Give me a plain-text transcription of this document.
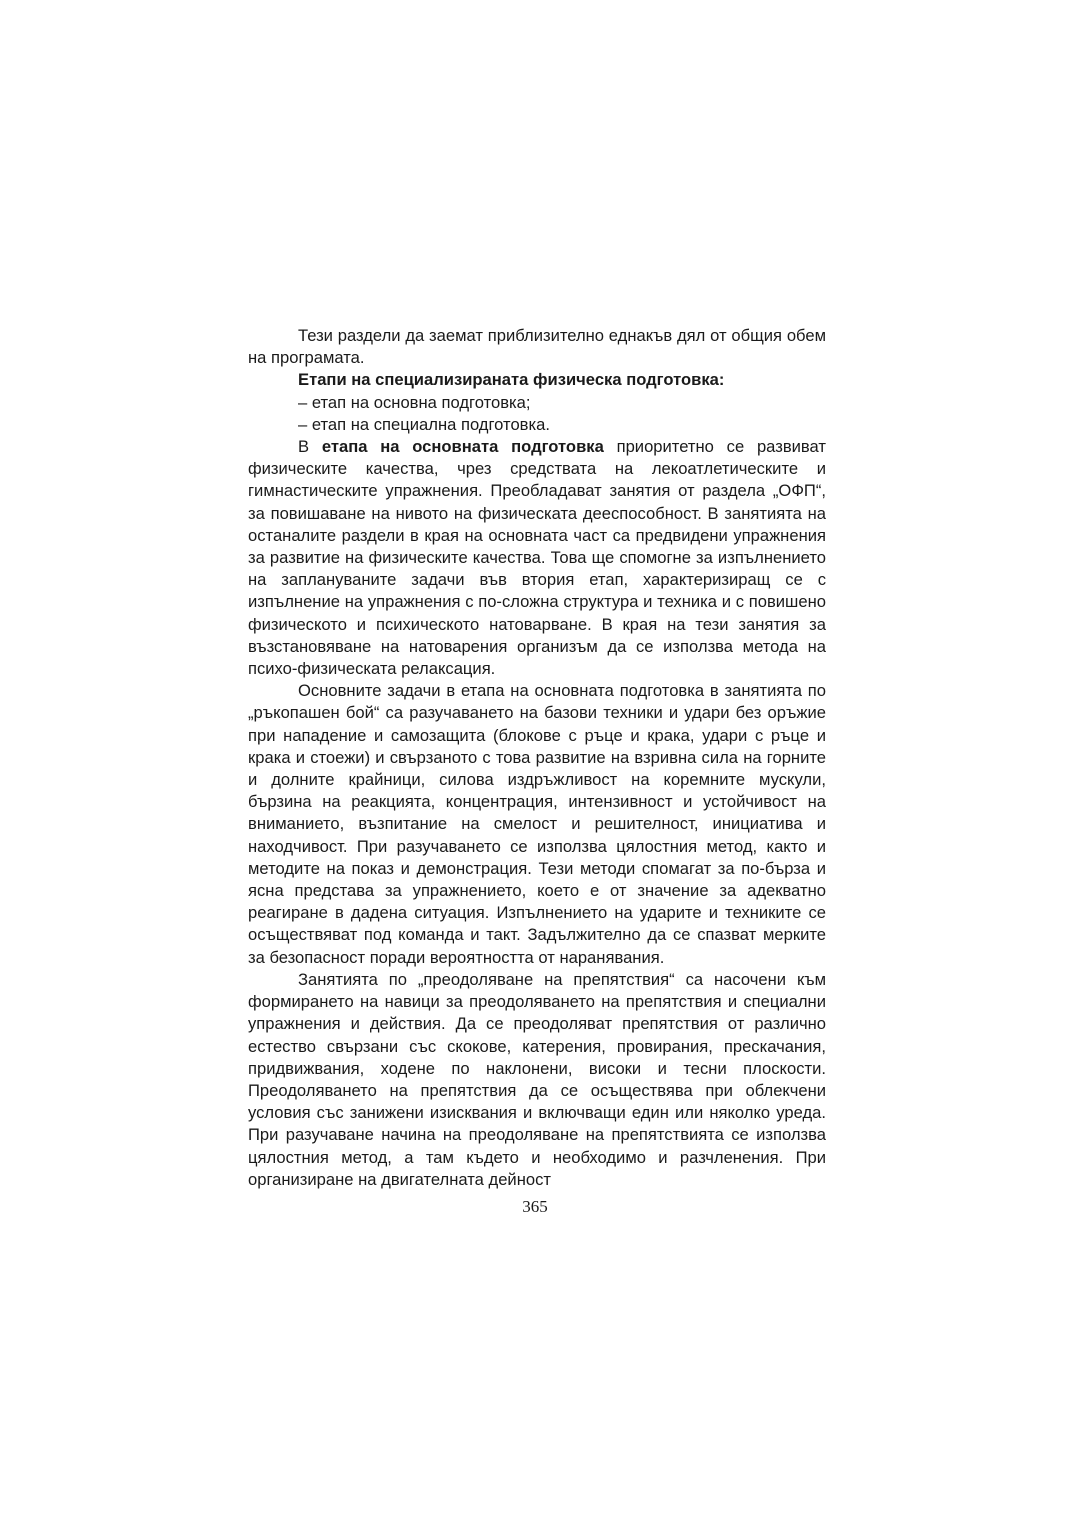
Тези раздели да заемат приблизително еднакъв дял от общия обем на програмата.

Етапи на специализираната физическа подготовка:

– етап на основна подготовка;

– етап на специална подготовка.

В етапа на основната подготовка приоритетно се развиват физическите качества, чрез средствата на лекоатлетическите и гимнастическите упражнения. Преобладават занятия от раздела „ОФП“, за повишаване на нивото на физическата дееспособност. В занятията на останалите раздели в края на основната част са предвидени упражнения за развитие на физическите качества. Това ще спомогне за изпълнението на заплануваните задачи във втория етап, характеризиращ се с изпълнение на упражнения с по-сложна структура и техника и с повишено физическото и психическото натоварване. В края на тези занятия за възстановяване на натоварения организъм да се използва метода на психо-физическата релаксация.

Основните задачи в етапа на основната подготовка в занятията по „ръкопашен бой“ са разучаването на базови техники и удари без оръжие при нападение и самозащита (блокове с ръце и крака, удари с ръце и крака и стоежи) и свързаното с това развитие на взривна сила на горните и долните крайници, силова издръжливост на коремните мускули, бързина на реакцията, концентрация, интензивност и устойчивост на вниманието, възпитание на смелост и решителност, инициатива и находчивост. При разучаването се използва цялостния метод, както и методите на показ и демонстрация. Тези методи спомагат за по-бърза и ясна представа за упражнението, което е от значение за адекватно реагиране в дадена ситуация. Изпълнението на ударите и техниките се осъществяват под команда и такт. Задължително да се спазват мерките за безопасност поради вероятността от наранявания.

Занятията по „преодоляване на препятствия“ са насочени към формирането на навици за преодоляването на препятствия и специални упражнения и действия. Да се преодоляват препятствия от различно естество свързани със скокове, катерения, провирания, прескачания, придвижвания, ходене по наклонени, високи и тесни плоскости. Преодоляването на препятствия да се осъществява при облекчени условия със занижени изисквания и включващи един или няколко уреда. При разучаване начина на преодоляване на препятствията се използва цялостния метод, а там където и необходимо и разчленения. При организиране на двигателната дейност

365
